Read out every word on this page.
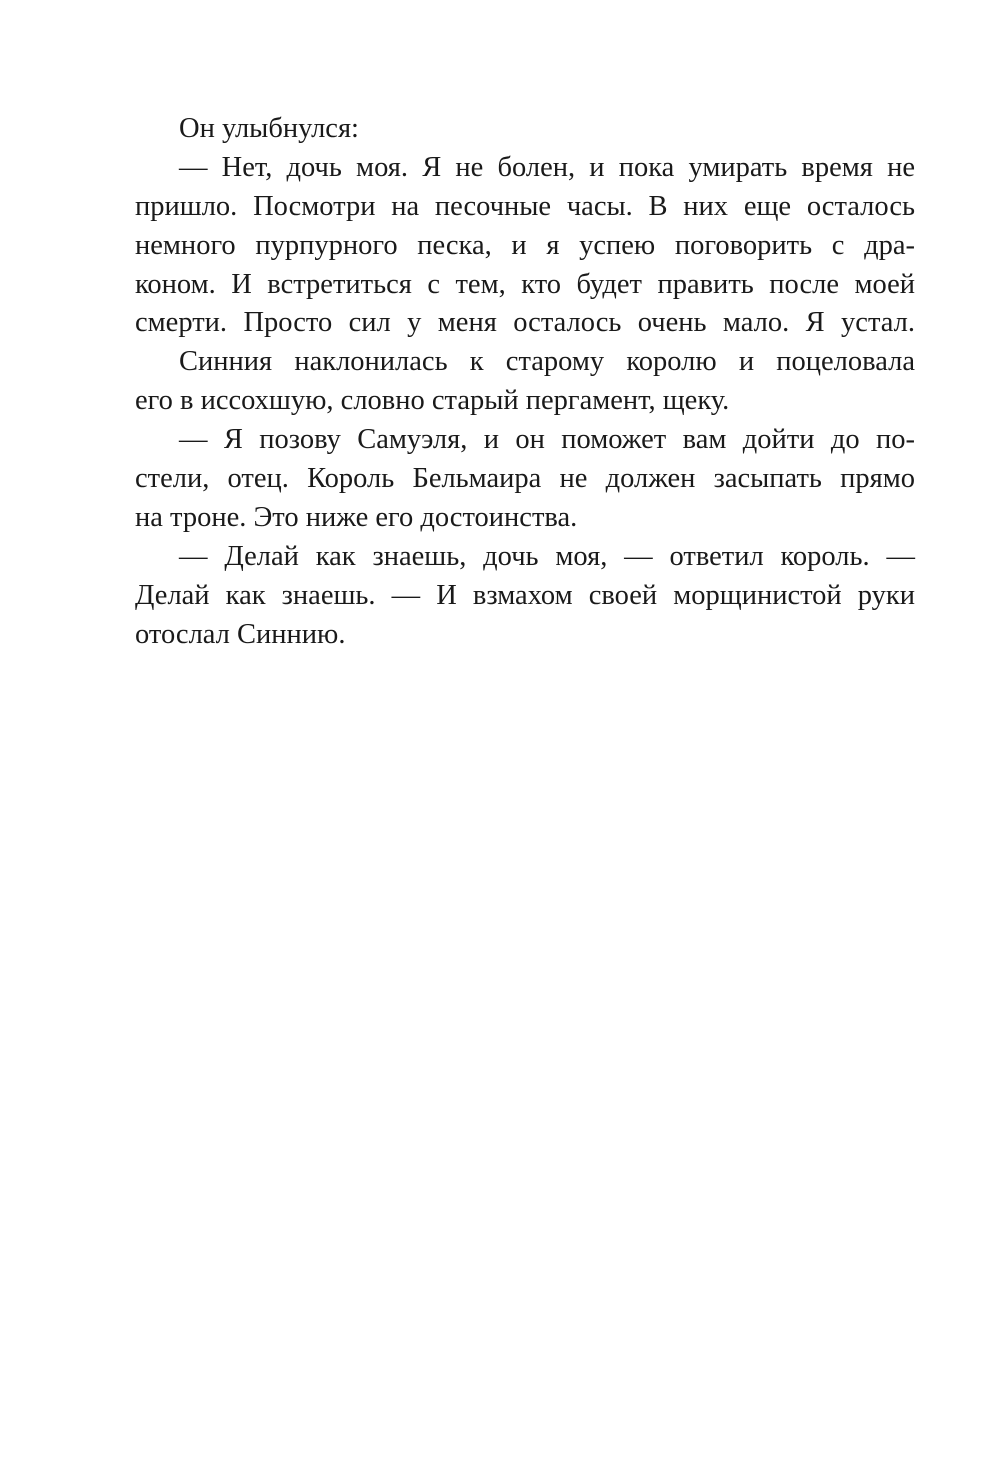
Он улыбнулся:
— Нет, дочь моя. Я не болен, и пока умирать время не
пришло. Посмотри на песочные часы. В них еще осталось
немного пурпурного песка, и я успею поговорить с дра-
коном. И встретиться с тем, кто будет править после моей
смерти. Просто сил у меня осталось очень мало. Я устал.
Синния наклонилась к старому королю и поцеловала
его в иссохшую, словно старый пергамент, щеку.
— Я позову Самуэля, и он поможет вам дойти до по-
стели, отец. Король Бельмаира не должен засыпать прямо
на троне. Это ниже его достоинства.
— Делай как знаешь, дочь моя, — ответил король. —
Делай как знаешь. — И взмахом своей морщинистой руки
отослал Синнию.
